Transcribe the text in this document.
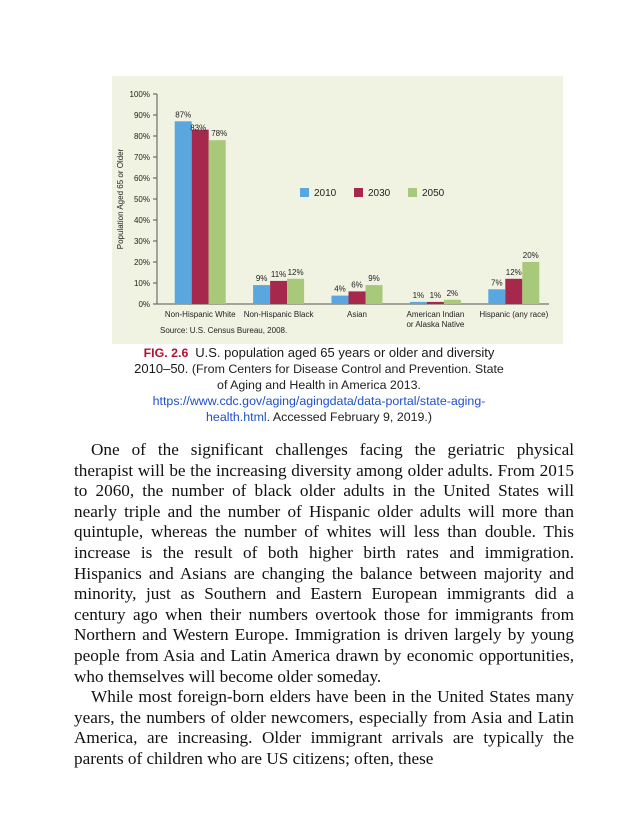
0%
10%
20%
30%
40%
50%
60%
70%
80%
90%
100%
Population Aged 65 or Older
87%
83%
78%
Non-Hispanic White
9% 11% 12%
Non-Hispanic Black
4% 6%
9%
Asian
1% 1% 2%
American Indian
or Alaska Native
7%
12%
20%
Hispanic (any race)
2010	2030	2050
Source: U.S. Census Bureau, 2008.
FIG. 2.6 U.S. population aged 65 years or older and diversity
2010–50. (From Centers for Disease Control and Prevention. State
of Aging and Health in America 2013.
https://www.cdc.gov/aging/agingdata/data-portal/state-aging-
health.html. Accessed February 9, 2019.)

One of the significant challenges facing the geriatric physical therapist will be the increasing diversity among older adults. From 2015 to 2060, the number of black older adults in the United States will nearly triple and the number of Hispanic older adults will more than quintuple, whereas the number of whites will less than double. This increase is the result of both higher birth rates and immigration. Hispanics and Asians are changing the balance between majority and minority, just as Southern and Eastern European immigrants did a century ago when their numbers overtook those for immigrants from Northern and Western Europe. Immigration is driven largely by young people from Asia and Latin America drawn by economic opportunities, who themselves will become older someday.

While most foreign-born elders have been in the United States many years, the numbers of older newcomers, especially from Asia and Latin America, are increasing. Older immigrant arrivals are typically the parents of children who are US citizens; often, these
